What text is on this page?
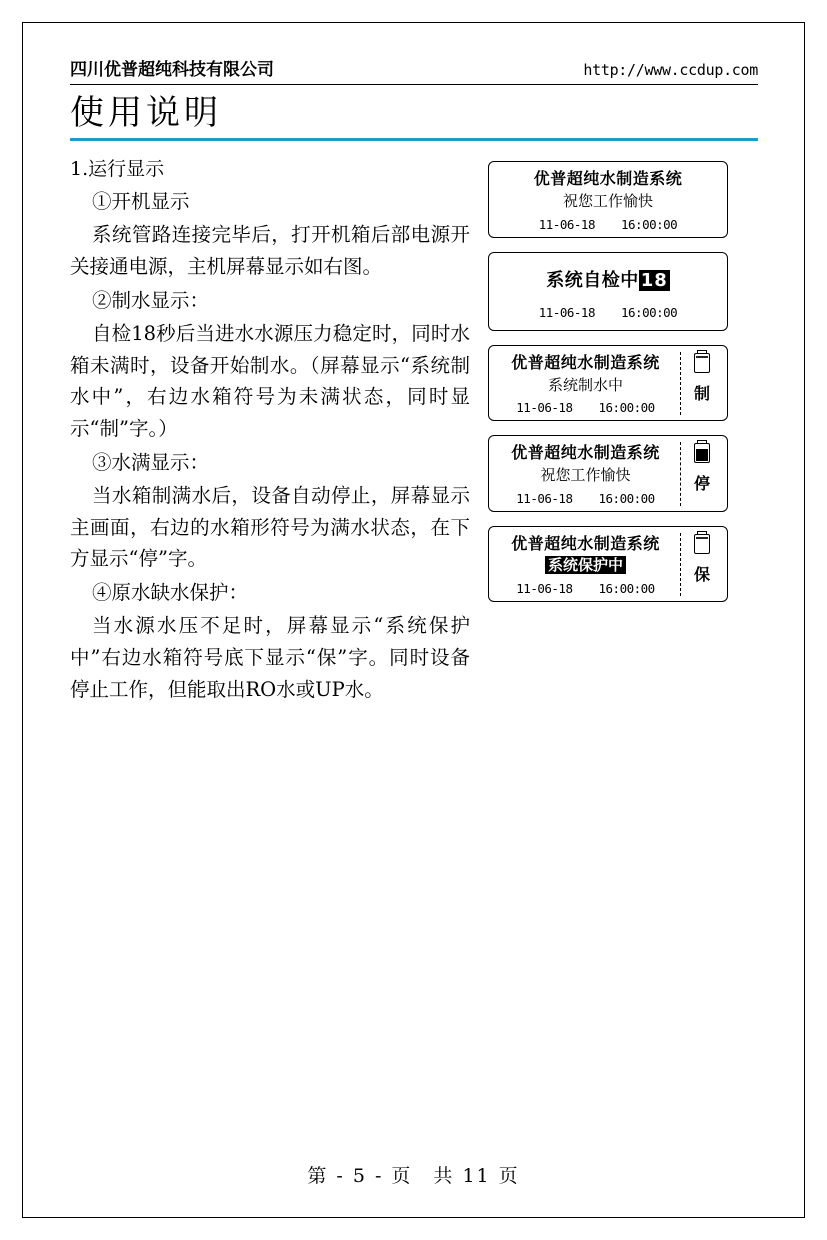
四川优普超纯科技有限公司	http://www.ccdup.com
使用说明
1.运行显示

①开机显示

系统管路连接完毕后，打开机箱后部电源开关接通电源，主机屏幕显示如右图。

②制水显示：

自检18秒后当进水水源压力稳定时，同时水箱未满时，设备开始制水。（屏幕显示“系统制水中”，右边水箱符号为未满状态，同时显示“制”字。）

③水满显示：

当水箱制满水后，设备自动停止，屏幕显示主画面，右边的水箱形符号为满水状态，在下方显示“停”字。

④原水缺水保护：

当水源水压不足时，屏幕显示“系统保护中”右边水箱符号底下显示“保”字。同时设备停止工作，但能取出RO水或UP水。

优普超纯水制造系统
祝您工作愉快
11-06-18 16:00:00
系统自检中 18
11-06-18 16:00:00
优普超纯水制造系统
系统制水中
11-06-18 16:00:00
制
优普超纯水制造系统
祝您工作愉快
11-06-18 16:00:00
停
优普超纯水制造系统
系统保护中
11-06-18 16:00:00
保
第 - 5 - 页　共 11 页
